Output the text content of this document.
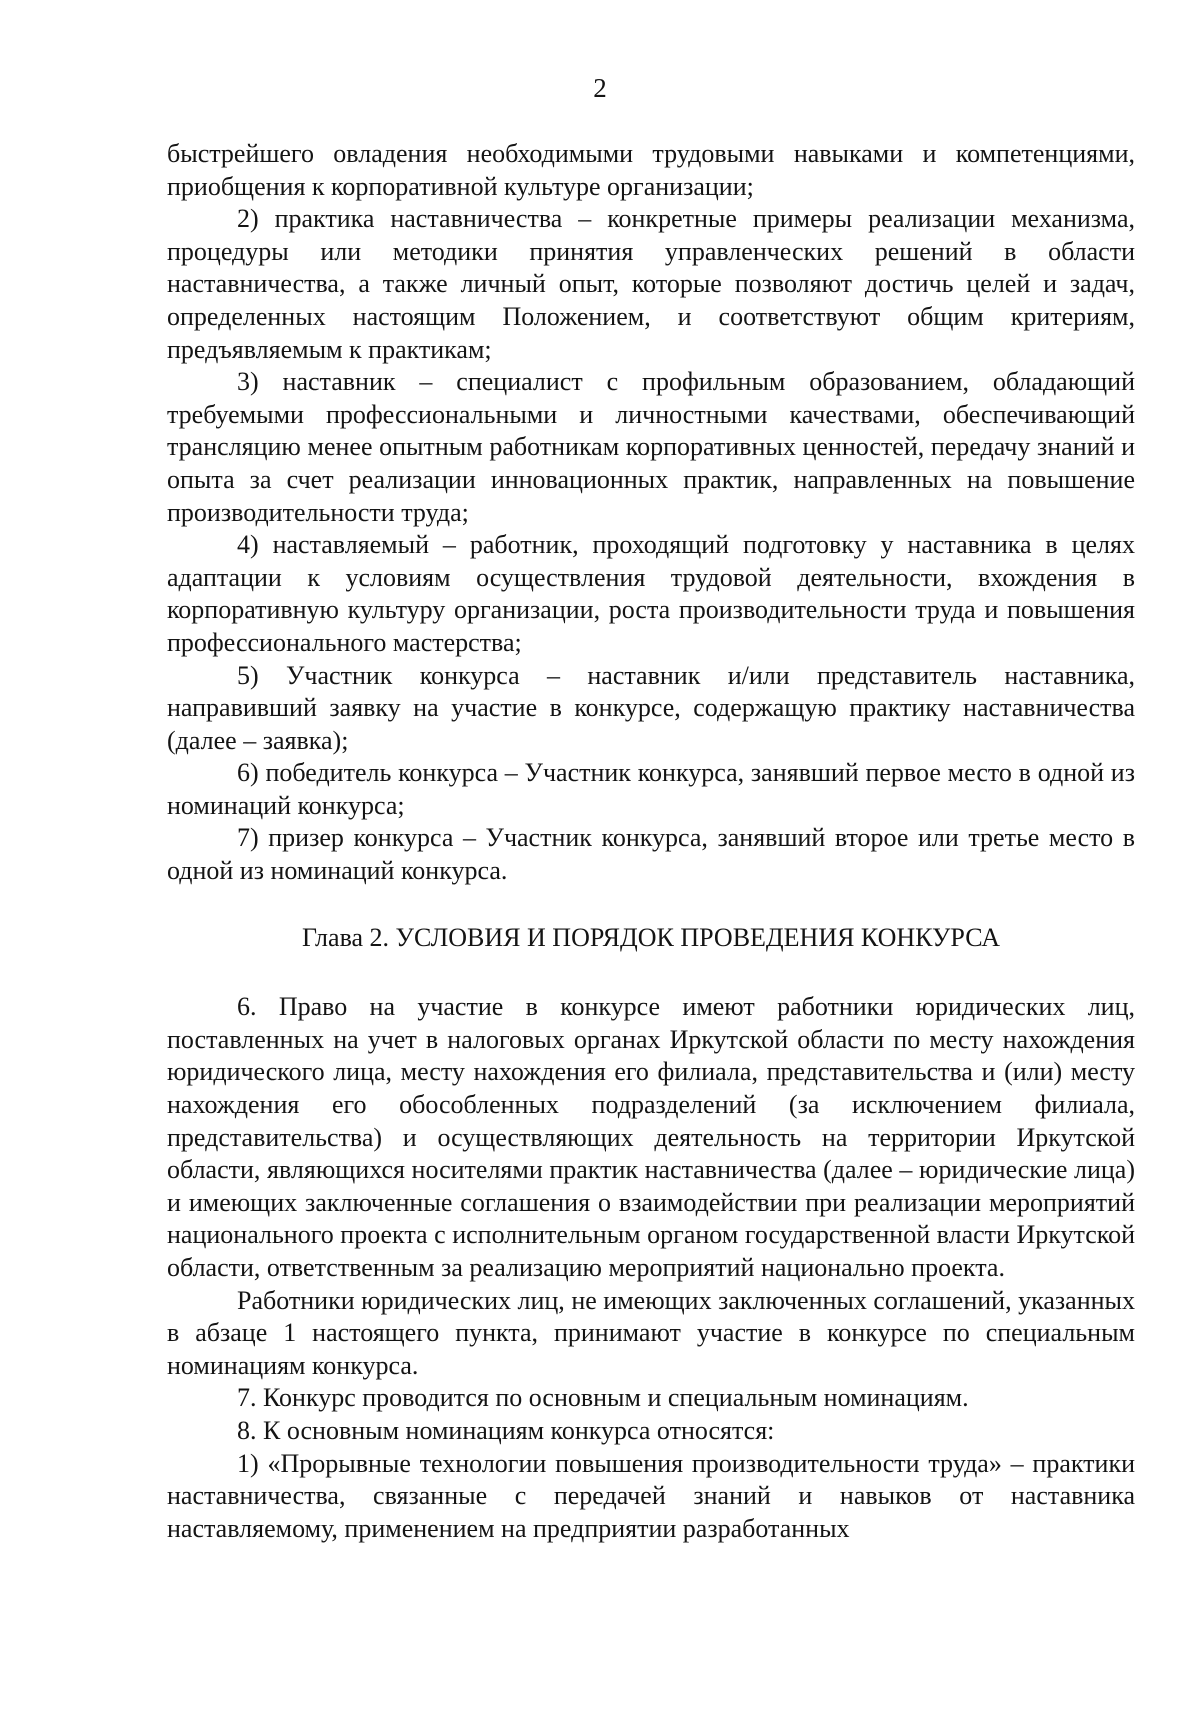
2

быстрейшего овладения необходимыми трудовыми навыками и компетенциями, приобщения к корпоративной культуре организации;

2) практика наставничества – конкретные примеры реализации механизма, процедуры или методики принятия управленческих решений в области наставничества, а также личный опыт, которые позволяют достичь целей и задач, определенных настоящим Положением, и соответствуют общим критериям, предъявляемым к практикам;

3) наставник – специалист с профильным образованием, обладающий требуемыми профессиональными и личностными качествами, обеспечивающий трансляцию менее опытным работникам корпоративных ценностей, передачу знаний и опыта за счет реализации инновационных практик, направленных на повышение производительности труда;

4) наставляемый – работник, проходящий подготовку у наставника в целях адаптации к условиям осуществления трудовой деятельности, вхождения в корпоративную культуру организации, роста производительности труда и повышения профессионального мастерства;

5) Участник конкурса – наставник и/или представитель наставника, направивший заявку на участие в конкурсе, содержащую практику наставничества (далее – заявка);

6) победитель конкурса – Участник конкурса, занявший первое место в одной из номинаций конкурса;

7) призер конкурса – Участник конкурса, занявший второе или третье место в одной из номинаций конкурса.

Глава 2. УСЛОВИЯ И ПОРЯДОК ПРОВЕДЕНИЯ КОНКУРСА

6. Право на участие в конкурсе имеют работники юридических лиц, поставленных на учет в налоговых органах Иркутской области по месту нахождения юридического лица, месту нахождения его филиала, представительства и (или) месту нахождения его обособленных подразделений (за исключением филиала, представительства) и осуществляющих деятельность на территории Иркутской области, являющихся носителями практик наставничества (далее – юридические лица) и имеющих заключенные соглашения о взаимодействии при реализации мероприятий национального проекта с исполнительным органом государственной власти Иркутской области, ответственным за реализацию мероприятий национально проекта.

Работники юридических лиц, не имеющих заключенных соглашений, указанных в абзаце 1 настоящего пункта, принимают участие в конкурсе по специальным номинациям конкурса.

7. Конкурс проводится по основным и специальным номинациям.

8. К основным номинациям конкурса относятся:

1) «Прорывные технологии повышения производительности труда» – практики наставничества, связанные с передачей знаний и навыков от наставника наставляемому, применением на предприятии разработанных
